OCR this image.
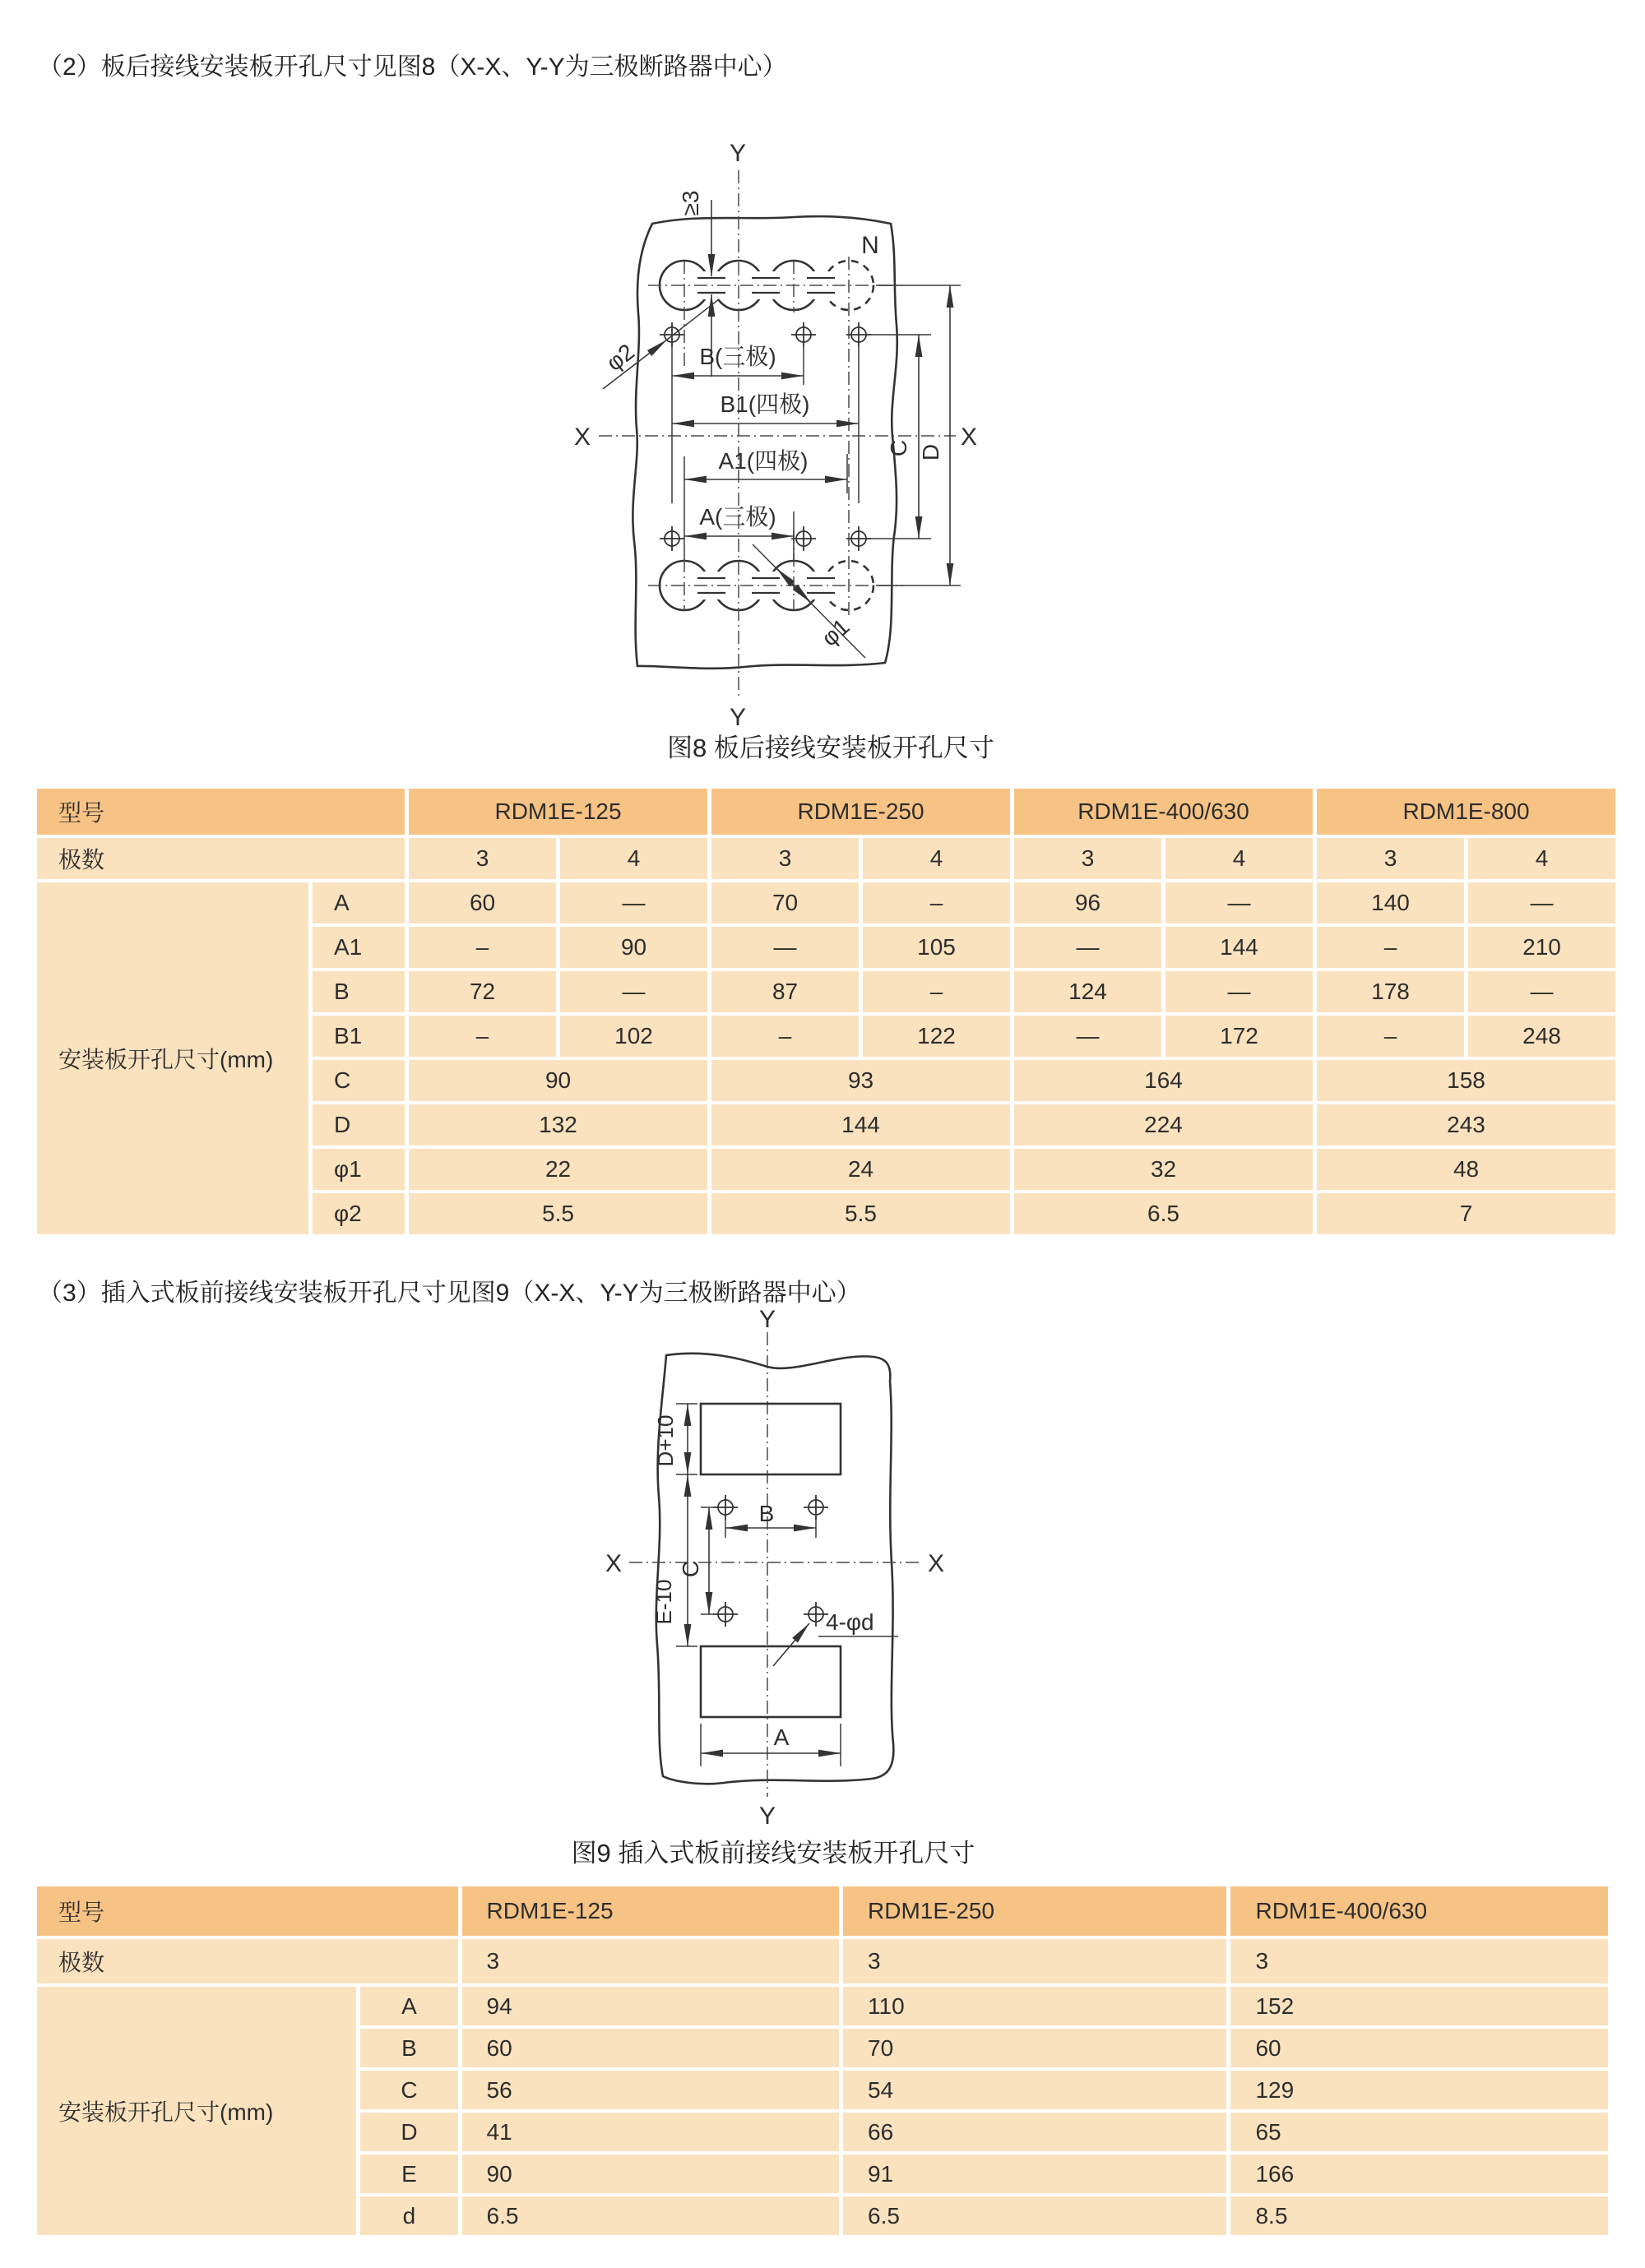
（2）板后接线安装板开孔尺寸见图8（X-X、Y-Y为三极断路器中心）
≥3
φ2	B(三极)
B1(四极)
A1(四极)
A(三极)
φ1
C D
Y
Y
X	X
N
图8 板后接线安装板开孔尺寸
型号		RDM1E-125		RDM1E-250		RDM1E-400/630		RDM1E-800	
极数		3	4	3	4	3	4	3	4
安装板开孔尺寸(mm)	A	60	—	70	–	96	—	140	—
	A1	–	90	—	105	—	144	–	210
	B	72	—	87	–	124	—	178	—
	B1	–	102	–	122	—	172	–	248
	C	90		93		164		158	
	D	132		144		224		243	
	φ1	22		24		32		48	
	φ2	5.5		5.5		6.5		7	
（3）插入式板前接线安装板开孔尺寸见图9（X-X、Y-Y为三极断路器中心）
D+10
E-10
B
C
4-φd
A
Y
Y
X	X
图9 插入式板前接线安装板开孔尺寸
型号		RDM1E-125	RDM1E-250	RDM1E-400/630
极数		3	3	3
安装板开孔尺寸(mm)	A	94	110	152
	B	60	70	60
	C	56	54	129
	D	41	66	65
	E	90	91	166
	d	6.5	6.5	8.5
